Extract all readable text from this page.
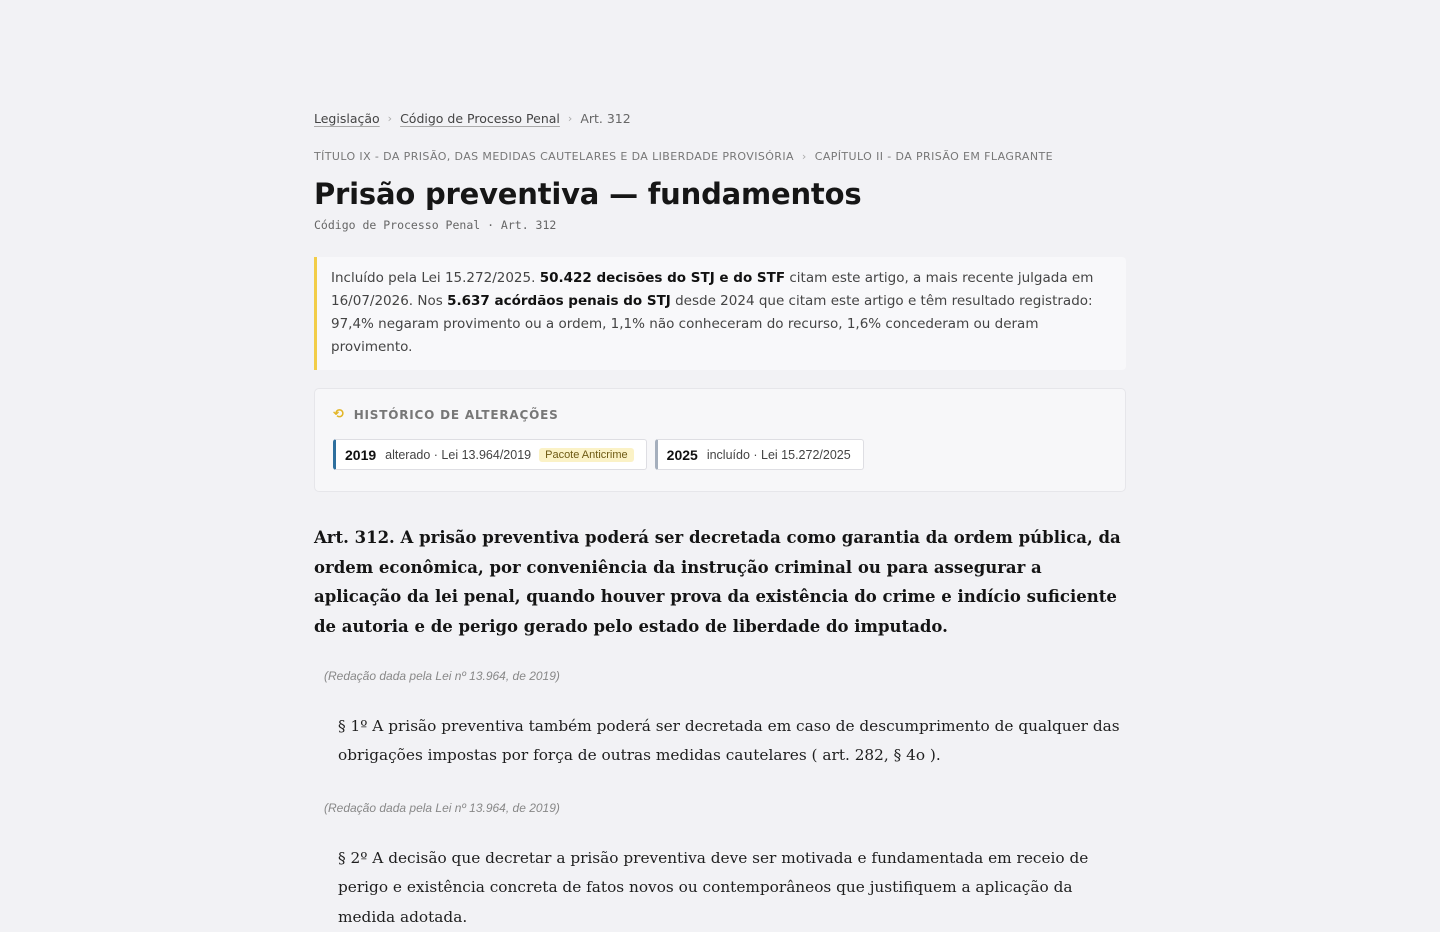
Legislação › Código de Processo Penal › Art. 312
TÍTULO IX - DA PRISÃO, DAS MEDIDAS CAUTELARES E DA LIBERDADE PROVISÓRIA › CAPÍTULO II - DA PRISÃO EM FLAGRANTE
Prisão preventiva — fundamentos
Código de Processo Penal · Art. 312
Incluído pela Lei 15.272/2025. 50.422 decisões do STJ e do STF citam este artigo, a mais recente julgada em 16/07/2026. Nos 5.637 acórdãos penais do STJ desde 2024 que citam este artigo e têm resultado registrado: 97,4% negaram provimento ou a ordem, 1,1% não conheceram do recurso, 1,6% concederam ou deram provimento.
⟲ HISTÓRICO DE ALTERAÇÕES
2019 alterado · Lei 13.964/2019	Pacote Anticrime	2025 incluído · Lei 15.272/2025

Art. 312. A prisão preventiva poderá ser decretada como garantia da ordem pública, da ordem econômica, por conveniência da instrução criminal ou para assegurar a aplicação da lei penal, quando houver prova da existência do crime e indício suficiente de autoria e de perigo gerado pelo estado de liberdade do imputado.

(Redação dada pela Lei nº 13.964, de 2019)

§ 1º A prisão preventiva também poderá ser decretada em caso de descumprimento de qualquer das obrigações impostas por força de outras medidas cautelares ( art. 282, § 4o ).

(Redação dada pela Lei nº 13.964, de 2019)

§ 2º A decisão que decretar a prisão preventiva deve ser motivada e fundamentada em receio de perigo e existência concreta de fatos novos ou contemporâneos que justifiquem a aplicação da medida adotada.
